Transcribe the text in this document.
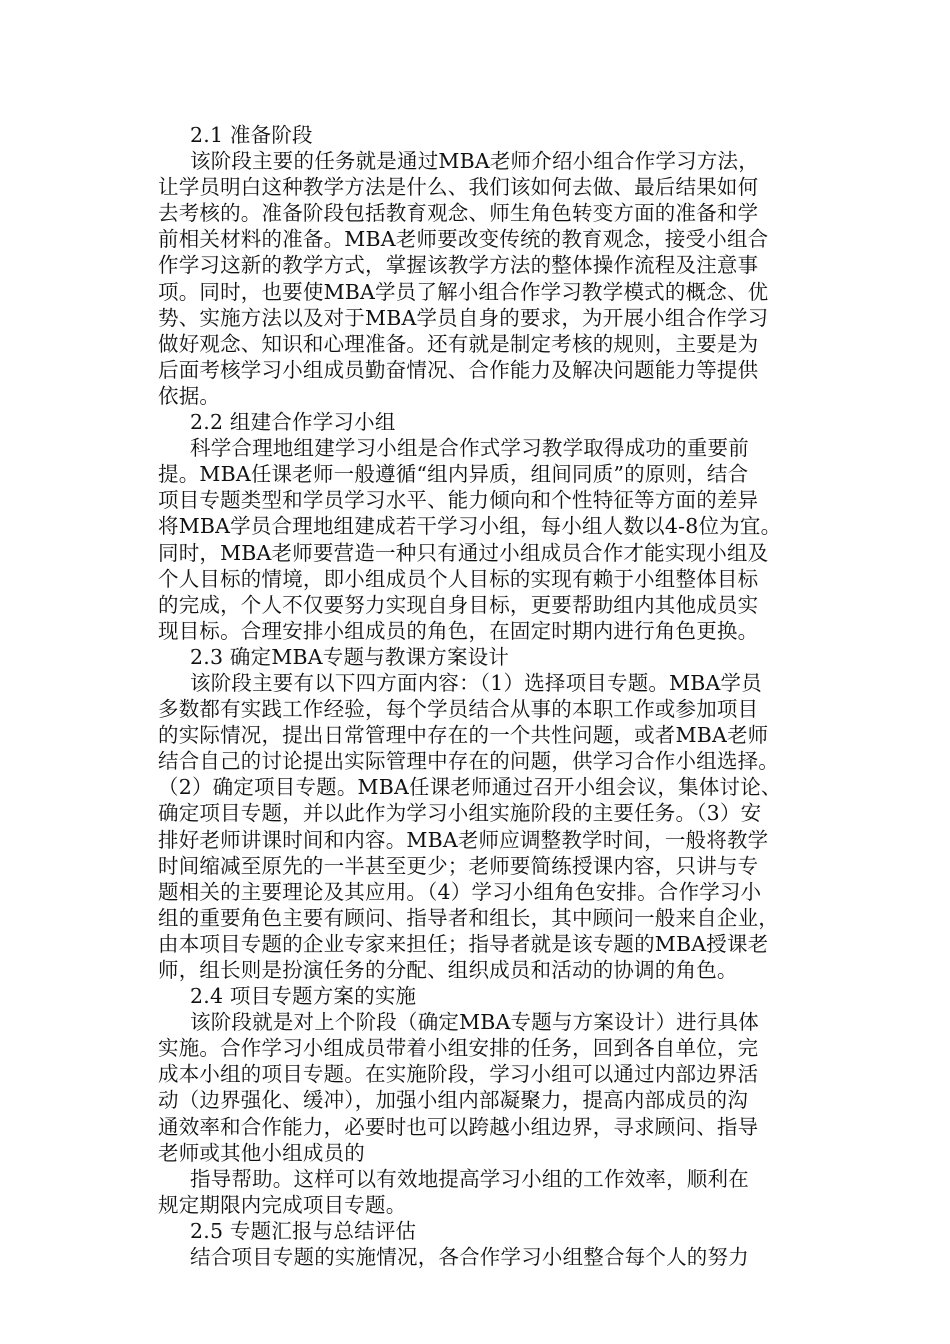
2.1 准备阶段
该阶段主要的任务就是通过MBA老师介绍小组合作学习方法，
让学员明白这种教学方法是什么、我们该如何去做、最后结果如何
去考核的。准备阶段包括教育观念、师生角色转变方面的准备和学
前相关材料的准备。MBA老师要改变传统的教育观念，接受小组合
作学习这新的教学方式，掌握该教学方法的整体操作流程及注意事
项。同时，也要使MBA学员了解小组合作学习教学模式的概念、优
势、实施方法以及对于MBA学员自身的要求，为开展小组合作学习
做好观念、知识和心理准备。还有就是制定考核的规则，主要是为
后面考核学习小组成员勤奋情况、合作能力及解决问题能力等提供
依据。
2.2 组建合作学习小组
科学合理地组建学习小组是合作式学习教学取得成功的重要前
提。MBA任课老师一般遵循“组内异质，组间同质”的原则，结合
项目专题类型和学员学习水平、能力倾向和个性特征等方面的差异
将MBA学员合理地组建成若干学习小组，每小组人数以4-8位为宜。
同时，MBA老师要营造一种只有通过小组成员合作才能实现小组及
个人目标的情境，即小组成员个人目标的实现有赖于小组整体目标
的完成，个人不仅要努力实现自身目标，更要帮助组内其他成员实
现目标。合理安排小组成员的角色，在固定时期内进行角色更换。
2.3 确定MBA专题与教课方案设计
该阶段主要有以下四方面内容：（1）选择项目专题。MBA学员
多数都有实践工作经验，每个学员结合从事的本职工作或参加项目
的实际情况，提出日常管理中存在的一个共性问题，或者MBA老师
结合自己的讨论提出实际管理中存在的问题，供学习合作小组选择。
（2）确定项目专题。MBA任课老师通过召开小组会议，集体讨论、
确定项目专题，并以此作为学习小组实施阶段的主要任务。（3）安
排好老师讲课时间和内容。MBA老师应调整教学时间，一般将教学
时间缩减至原先的一半甚至更少；老师要简练授课内容，只讲与专
题相关的主要理论及其应用。（4）学习小组角色安排。合作学习小
组的重要角色主要有顾问、指导者和组长，其中顾问一般来自企业，
由本项目专题的企业专家来担任；指导者就是该专题的MBA授课老
师，组长则是扮演任务的分配、组织成员和活动的协调的角色。
2.4 项目专题方案的实施
该阶段就是对上个阶段（确定MBA专题与方案设计）进行具体
实施。合作学习小组成员带着小组安排的任务，回到各自单位，完
成本小组的项目专题。在实施阶段，学习小组可以通过内部边界活
动（边界强化、缓冲），加强小组内部凝聚力，提高内部成员的沟
通效率和合作能力，必要时也可以跨越小组边界，寻求顾问、指导
老师或其他小组成员的
指导帮助。这样可以有效地提高学习小组的工作效率，顺利在
规定期限内完成项目专题。
2.5 专题汇报与总结评估
结合项目专题的实施情况，各合作学习小组整合每个人的努力
